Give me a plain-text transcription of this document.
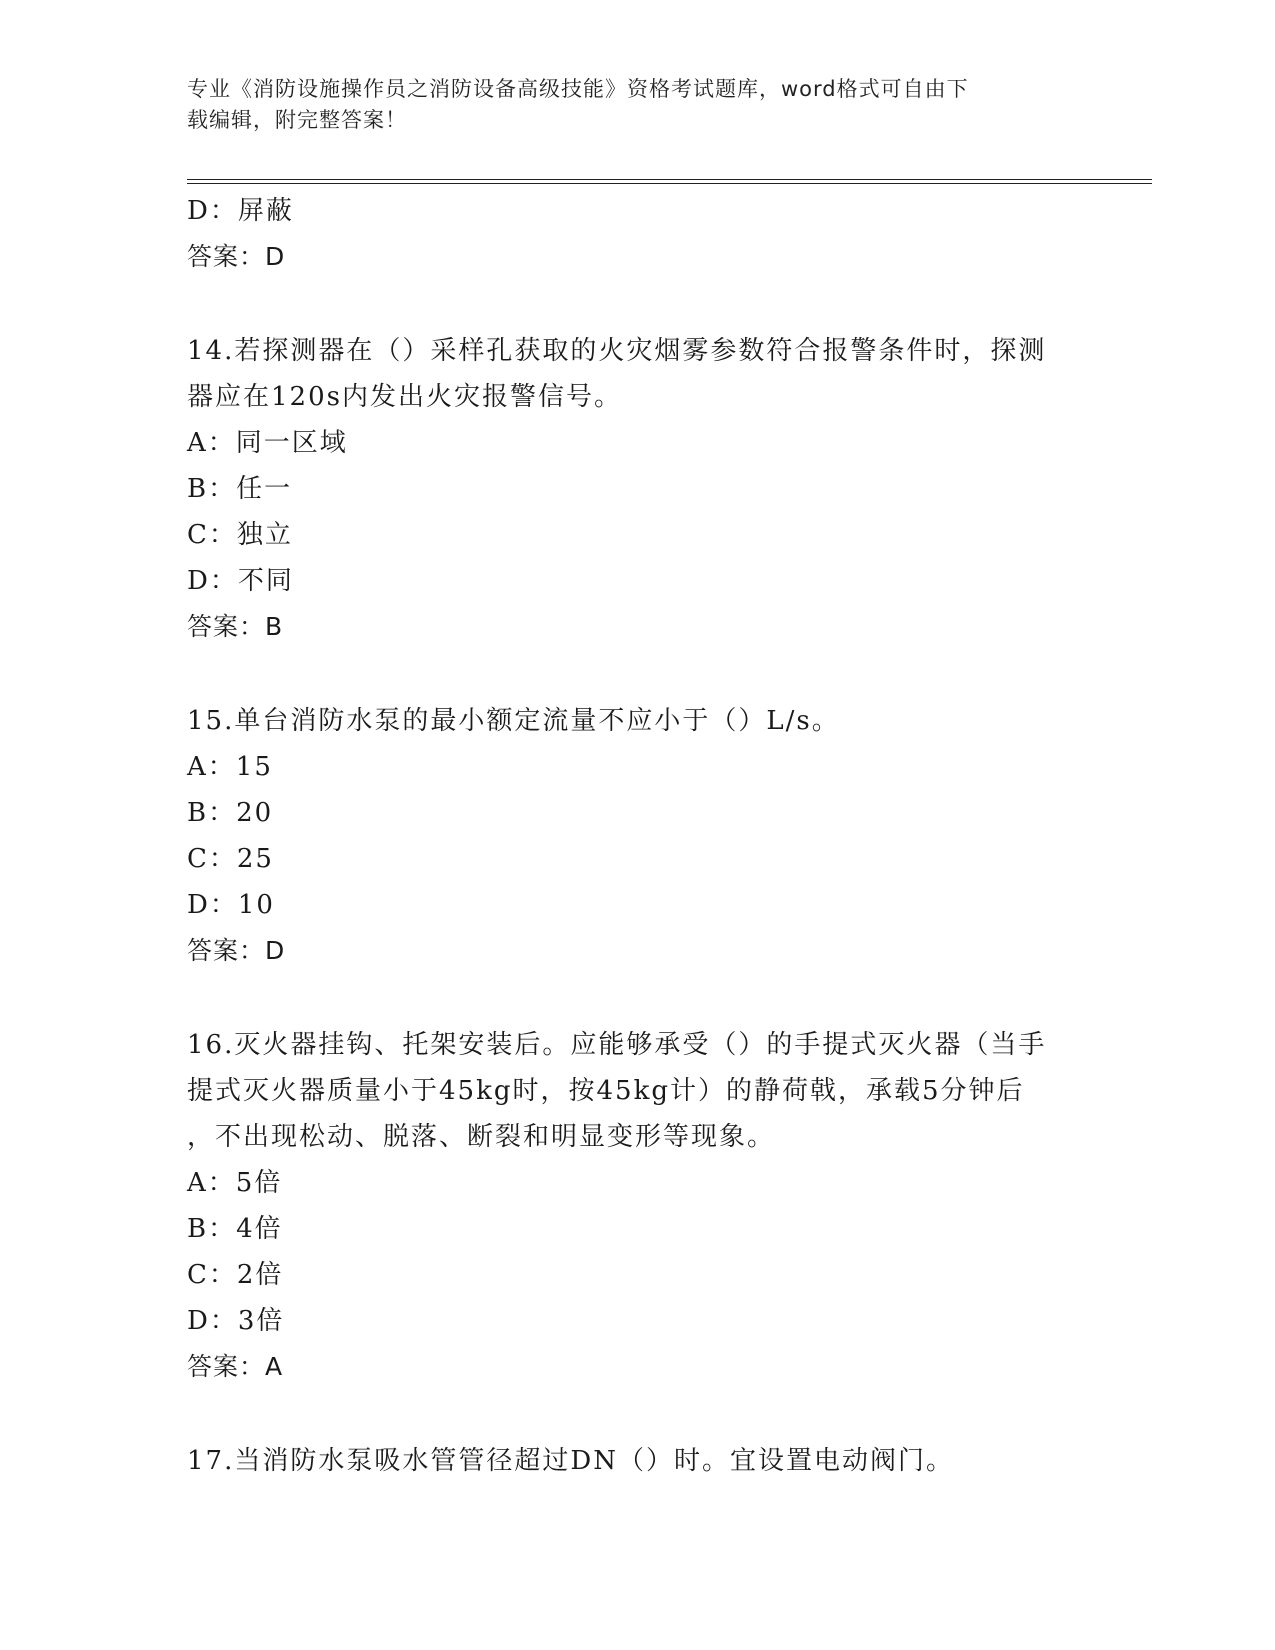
专业《消防设施操作员之消防设备高级技能》资格考试题库，word格式可自由下
载编辑，附完整答案！
D：屏蔽
答案：D
14.若探测器在（）采样孔获取的火灾烟雾参数符合报警条件时，探测
器应在120s内发出火灾报警信号。
A：同一区域
B：任一
C：独立
D：不同
答案：B
15.单台消防水泵的最小额定流量不应小于（）L/s。
A：15
B：20
C：25
D：10
答案：D
16.灭火器挂钩、托架安装后。应能够承受（）的手提式灭火器（当手
提式灭火器质量小于45kg时，按45kg计）的静荷戟，承载5分钟后
，不出现松动、脱落、断裂和明显变形等现象。
A：5倍
B：4倍
C：2倍
D：3倍
答案：A
17.当消防水泵吸水管管径超过DN（）时。宜设置电动阀门。
